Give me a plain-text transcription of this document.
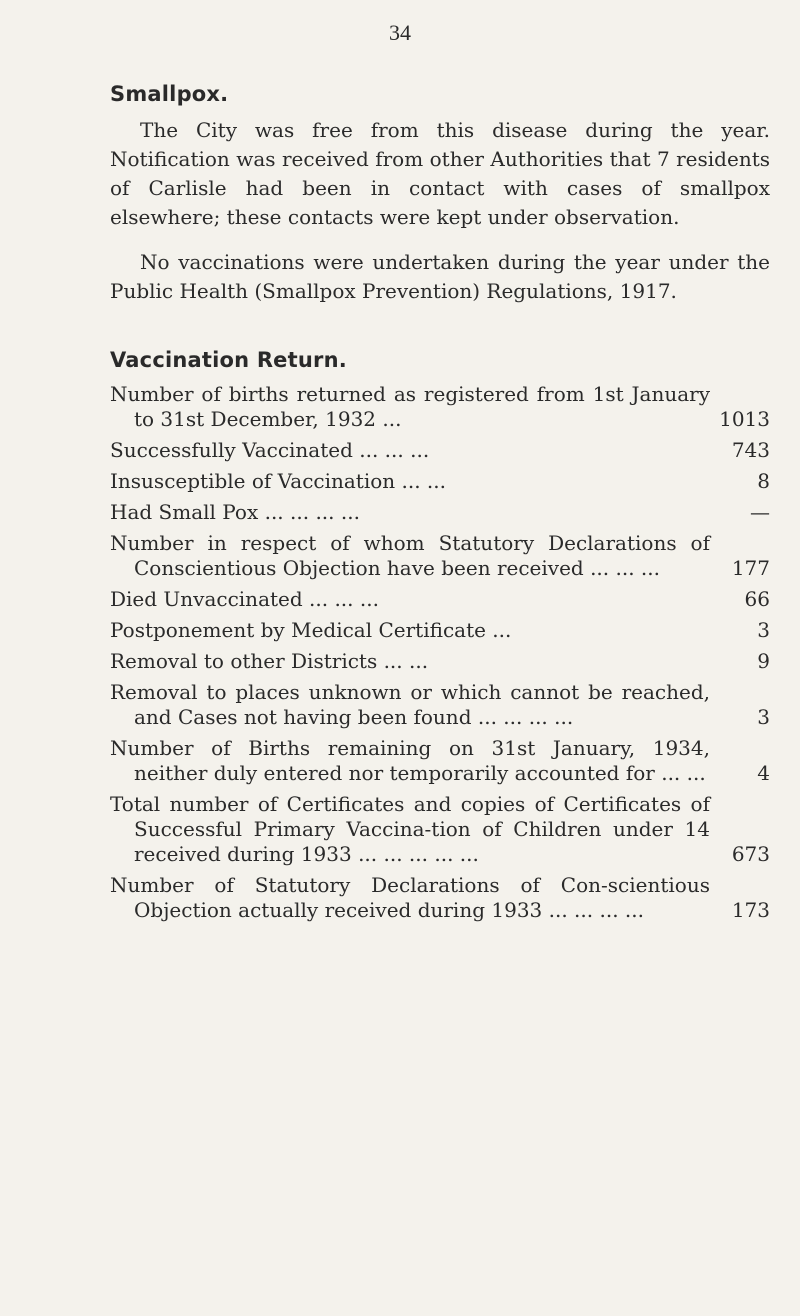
34
Smallpox.

The City was free from this disease during the year. Notification was received from other Authorities that 7 residents of Carlisle had been in contact with cases of smallpox elsewhere; these contacts were kept under observation.

No vaccinations were undertaken during the year under the Public Health (Smallpox Prevention) Regulations, 1917.

Vaccination Return.
Number of births returned as registered from 1st January to 31st December, 1932 ...	1013
Successfully Vaccinated ... ... ...	743
Insusceptible of Vaccination ... ...	8
Had Small Pox ... ... ... ...	—
Number in respect of whom Statutory Declarations of Conscientious Objection have been received ... ... ...	177
Died Unvaccinated ... ... ...	66
Postponement by Medical Certificate ...	3
Removal to other Districts ... ...	9
Removal to places unknown or which cannot be reached, and Cases not having been found ... ... ... ...	3
Number of Births remaining on 31st January, 1934, neither duly entered nor temporarily accounted for ... ...	4
Total number of Certificates and copies of Certificates of Successful Primary Vaccina-tion of Children under 14 received during 1933 ... ... ... ... ...	673
Number of Statutory Declarations of Con-scientious Objection actually received during 1933 ... ... ... ...	173
